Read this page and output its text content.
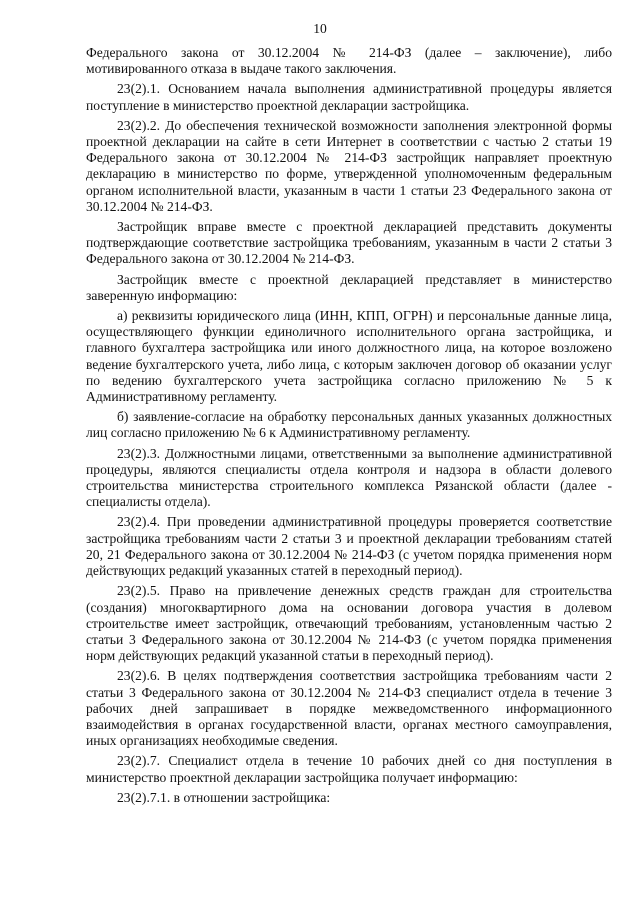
10

Федерального закона от 30.12.2004 № 214-ФЗ (далее – заключение), либо мотивированного отказа в выдаче такого заключения.

23(2).1. Основанием начала выполнения административной процедуры является поступление в министерство проектной декларации застройщика.

23(2).2. До обеспечения технической возможности заполнения электронной формы проектной декларации на сайте в сети Интернет в соответствии с частью 2 статьи 19 Федерального закона от 30.12.2004 № 214-ФЗ застройщик направляет проектную декларацию в министерство по форме, утвержденной уполномоченным федеральным органом исполнительной власти, указанным в части 1 статьи 23 Федерального закона от 30.12.2004 № 214-ФЗ.

Застройщик вправе вместе с проектной декларацией представить документы подтверждающие соответствие застройщика требованиям, указанным в части 2 статьи 3 Федерального закона от 30.12.2004 № 214-ФЗ.

Застройщик вместе с проектной декларацией представляет в министерство заверенную информацию:

а) реквизиты юридического лица (ИНН, КПП, ОГРН) и персональные данные лица, осуществляющего функции единоличного исполнительного органа застройщика, и главного бухгалтера застройщика или иного должностного лица, на которое возложено ведение бухгалтерского учета, либо лица, с которым заключен договор об оказании услуг по ведению бухгалтерского учета застройщика согласно приложению № 5 к Административному регламенту.

б) заявление-согласие на обработку персональных данных указанных должностных лиц согласно приложению № 6 к Административному регламенту.

23(2).3. Должностными лицами, ответственными за выполнение административной процедуры, являются специалисты отдела контроля и надзора в области долевого строительства министерства строительного комплекса Рязанской области (далее - специалисты отдела).

23(2).4. При проведении административной процедуры проверяется соответствие застройщика требованиям части 2 статьи 3 и проектной декларации требованиям статей 20, 21 Федерального закона от 30.12.2004 № 214-ФЗ (с учетом порядка применения норм действующих редакций указанных статей в переходный период).

23(2).5. Право на привлечение денежных средств граждан для строительства (создания) многоквартирного дома на основании договора участия в долевом строительстве имеет застройщик, отвечающий требованиям, установленным частью 2 статьи 3 Федерального закона от 30.12.2004 № 214-ФЗ (с учетом порядка применения норм действующих редакций указанной статьи в переходный период).

23(2).6. В целях подтверждения соответствия застройщика требованиям части 2 статьи 3 Федерального закона от 30.12.2004 № 214-ФЗ специалист отдела в течение 3 рабочих дней запрашивает в порядке межведомственного информационного взаимодействия в органах государственной власти, органах местного самоуправления, иных организациях необходимые сведения.

23(2).7. Специалист отдела в течение 10 рабочих дней со дня поступления в министерство проектной декларации застройщика получает информацию:

23(2).7.1. в отношении застройщика:
